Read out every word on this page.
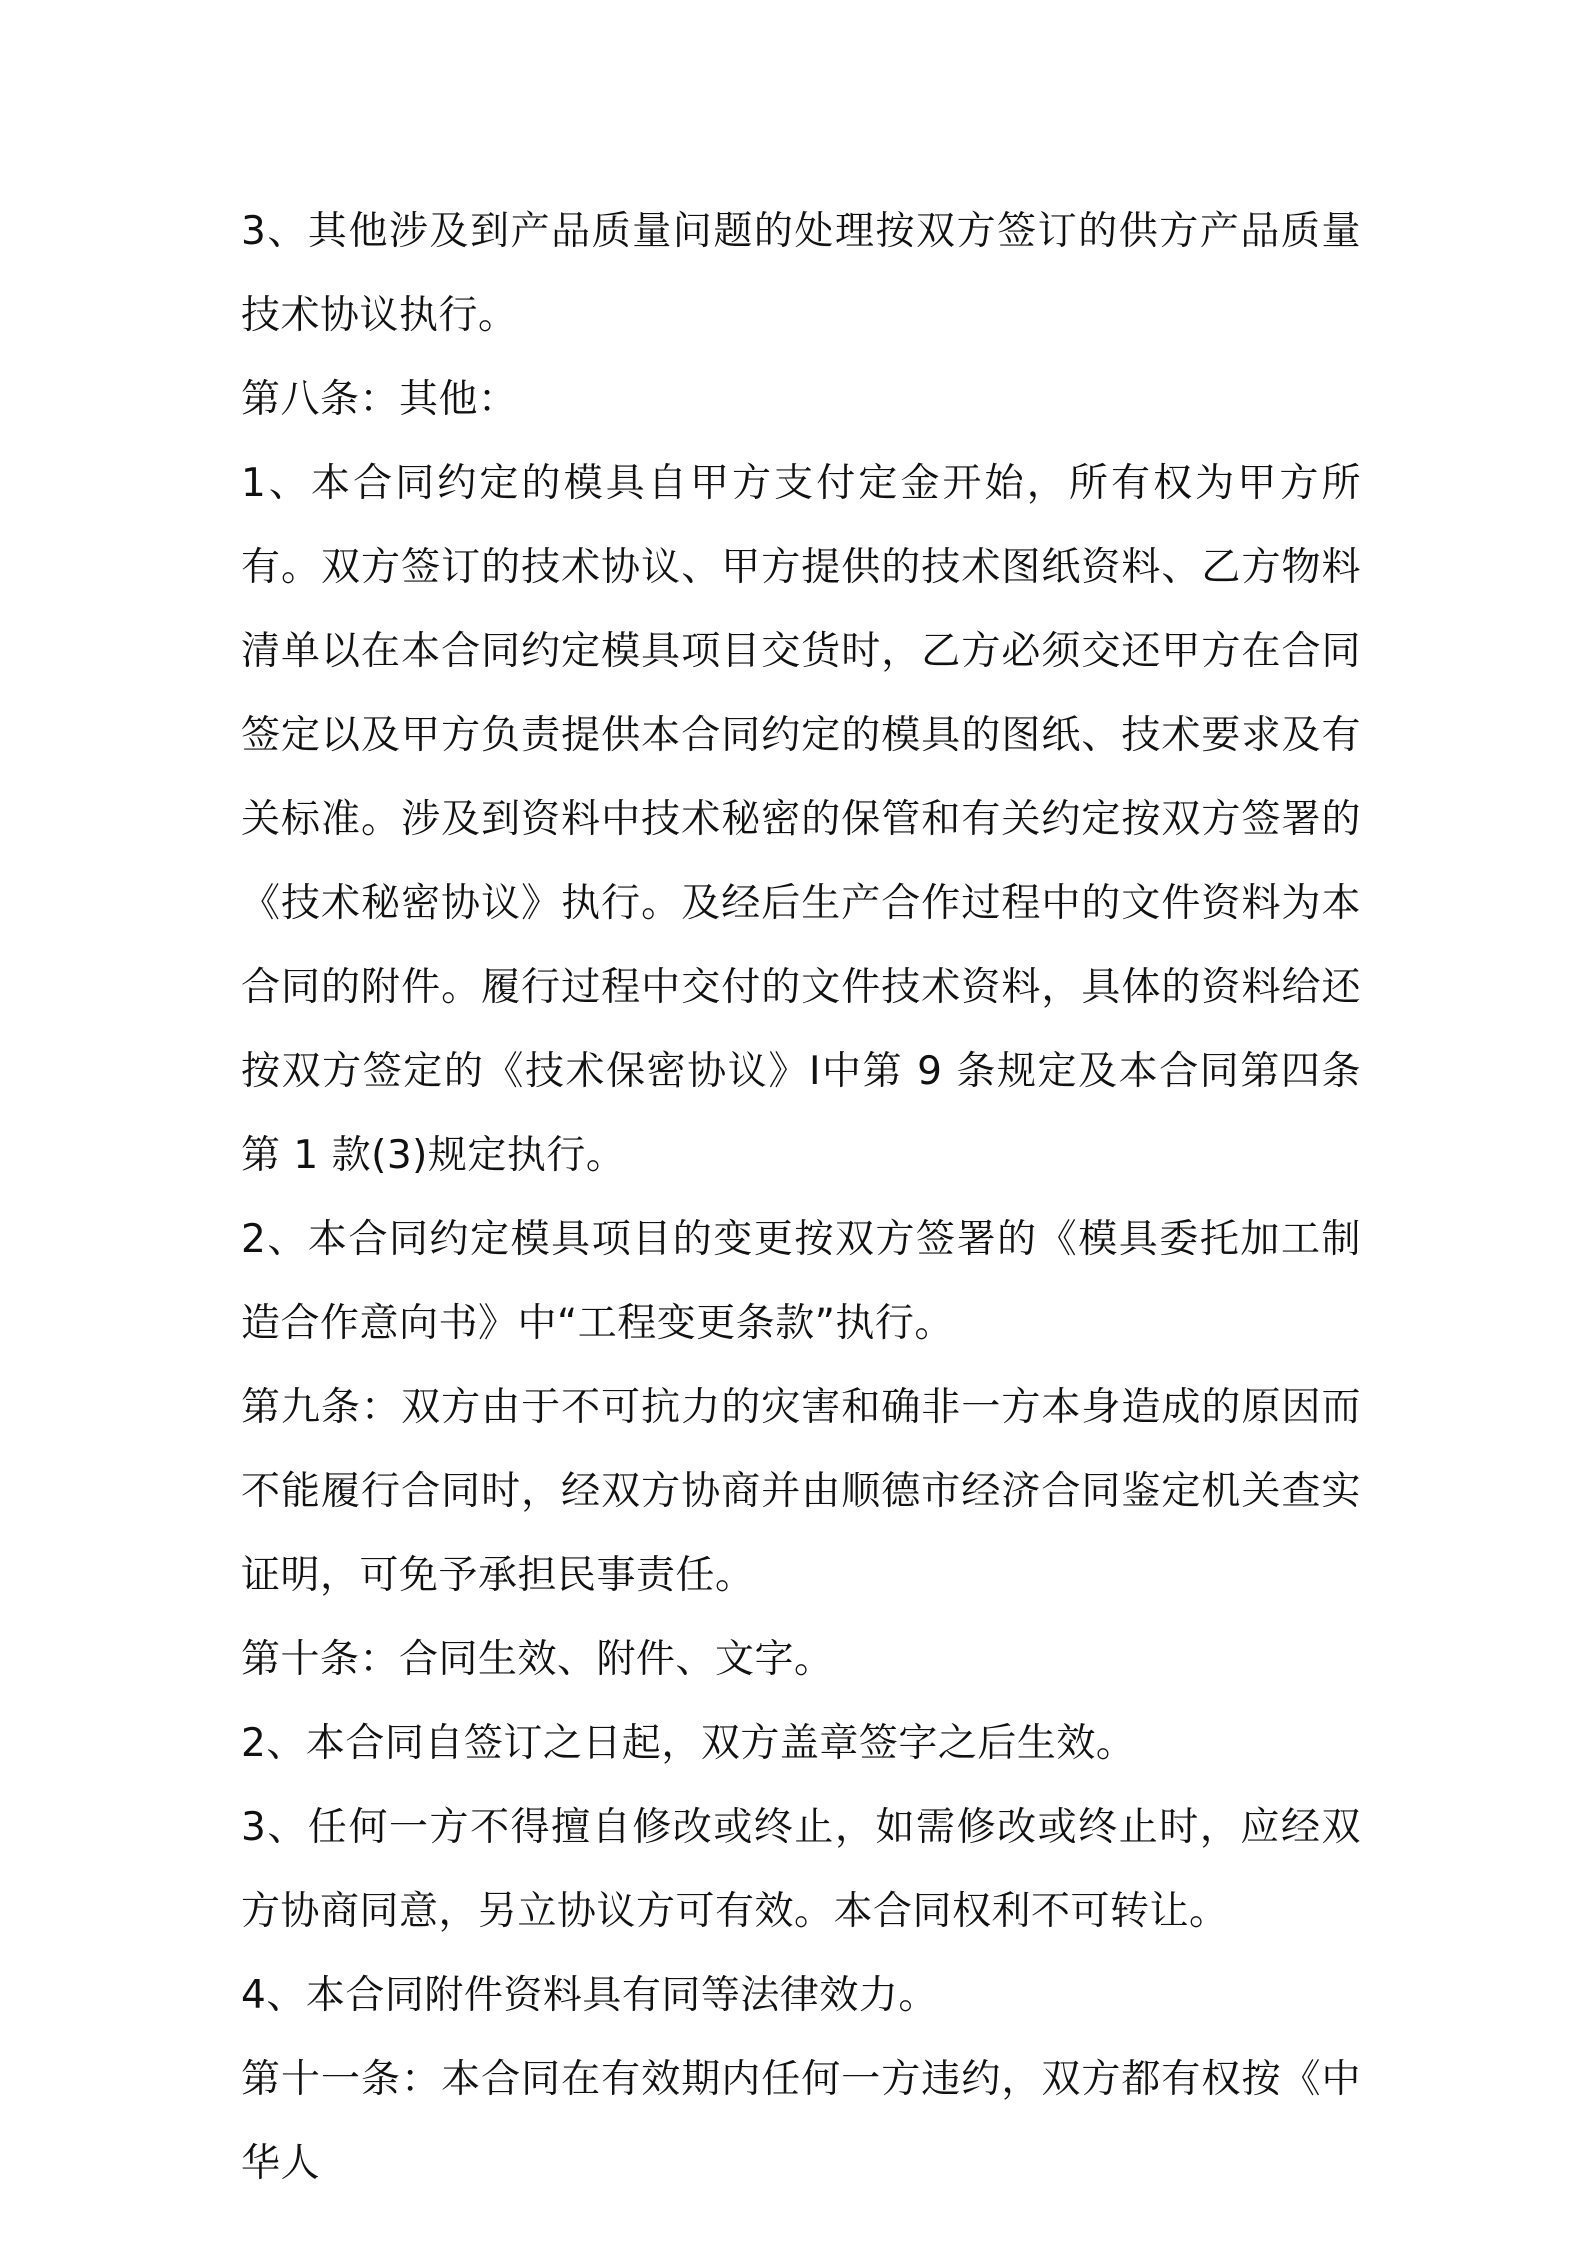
3、其他涉及到产品质量问题的处理按双方签订的供方产品质量技术协议执行。

第八条：其他：

1、本合同约定的模具自甲方支付定金开始，所有权为甲方所有。双方签订的技术协议、甲方提供的技术图纸资料、乙方物料清单以在本合同约定模具项目交货时，乙方必须交还甲方在合同签定以及甲方负责提供本合同约定的模具的图纸、技术要求及有关标准。涉及到资料中技术秘密的保管和有关约定按双方签署的《技术秘密协议》执行。及经后生产合作过程中的文件资料为本合同的附件。履行过程中交付的文件技术资料，具体的资料给还按双方签定的《技术保密协议》I中第 9 条规定及本合同第四条第 1 款(3)规定执行。

2、本合同约定模具项目的变更按双方签署的《模具委托加工制造合作意向书》中“工程变更条款”执行。

第九条：双方由于不可抗力的灾害和确非一方本身造成的原因而不能履行合同时，经双方协商并由顺德市经济合同鉴定机关查实证明，可免予承担民事责任。

第十条：合同生效、附件、文字。

2、本合同自签订之日起，双方盖章签字之后生效。

3、任何一方不得擅自修改或终止，如需修改或终止时，应经双方协商同意，另立协议方可有效。本合同权利不可转让。

4、本合同附件资料具有同等法律效力。

第十一条：本合同在有效期内任何一方违约，双方都有权按《中华人
